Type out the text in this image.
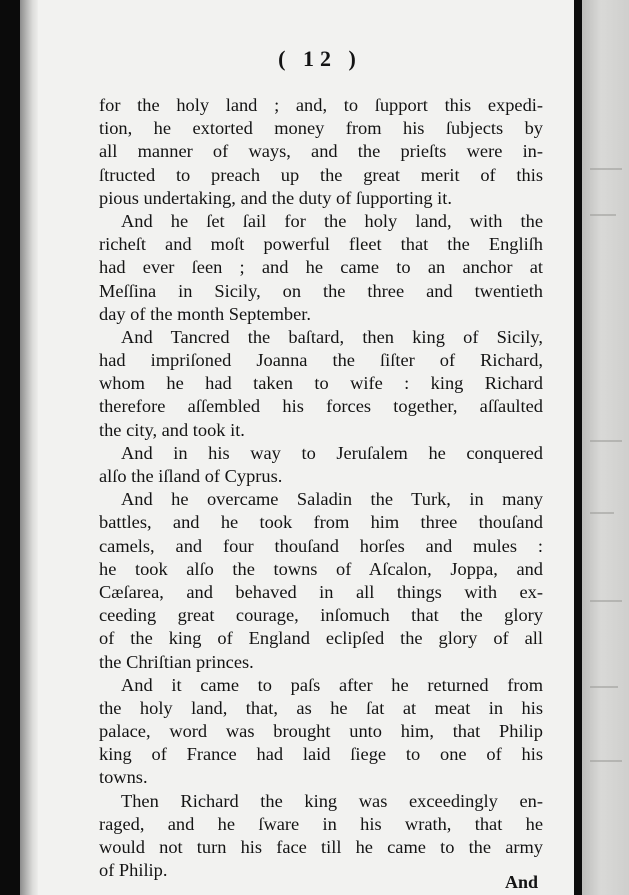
( 12 )
for the holy land ; and, to ſupport this expedi-
tion, he extorted money from his ſubjects by
all manner of ways, and the prieſts were in-
ſtructed to preach up the great merit of this
pious undertaking, and the duty of ſupporting it.
And he ſet ſail for the holy land, with the
richeſt and moſt powerful fleet that the Engliſh
had ever ſeen ; and he came to an anchor at
Meſſina in Sicily, on the three and twentieth
day of the month September.
And Tancred the baſtard, then king of Sicily,
had impriſoned Joanna the ſiſter of Richard,
whom he had taken to wife : king Richard
therefore aſſembled his forces together, aſſaulted
the city, and took it.
And in his way to Jeruſalem he conquered
alſo the iſland of Cyprus.
And he overcame Saladin the Turk, in many
battles, and he took from him three thouſand
camels, and four thouſand horſes and mules :
he took alſo the towns of Aſcalon, Joppa, and
Cæſarea, and behaved in all things with ex-
ceeding great courage, inſomuch that the glory
of the king of England eclipſed the glory of all
the Chriſtian princes.
And it came to paſs after he returned from
the holy land, that, as he ſat at meat in his
palace, word was brought unto him, that Philip
king of France had laid ſiege to one of his
towns.
Then Richard the king was exceedingly en-
raged, and he ſware in his wrath, that he
would not turn his face till he came to the army
of Philip.
And
